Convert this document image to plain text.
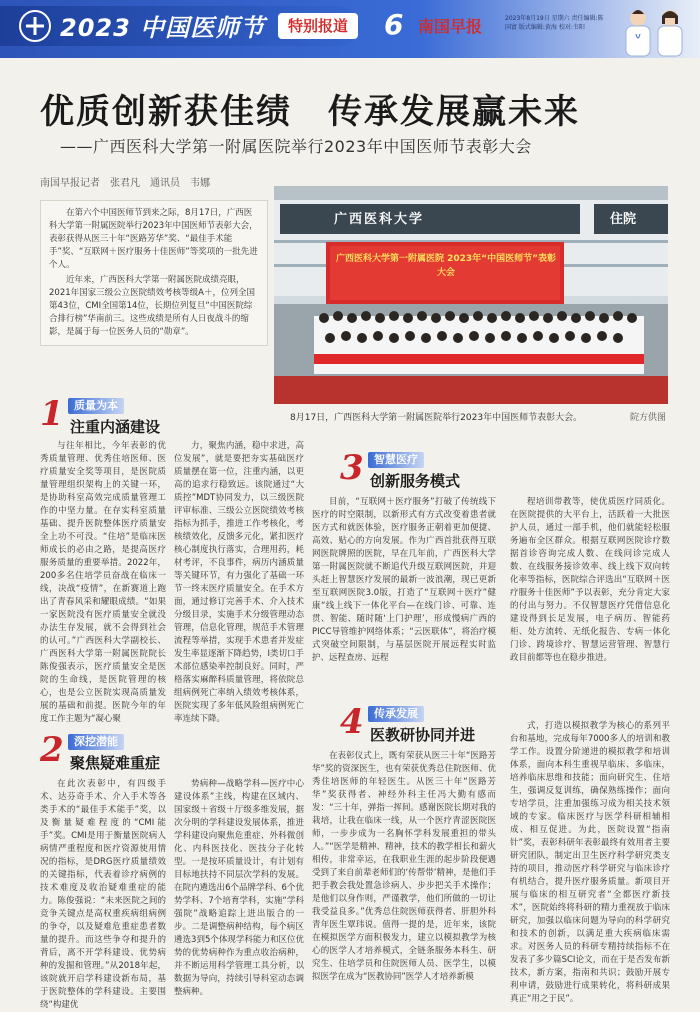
2023 中国医师节	特别报道	6 南国早报	2023年8月19日 星期六 责任编辑:陈国富 版式编辑:黄海 校对:韦阳
优质创新获佳绩　传承发展赢未来
——广西医科大学第一附属医院举行2023年中国医师节表彰大会
南国早报记者　张君凡　通讯员　韦娜

在第六个中国医师节到来之际，8月17日，广西医科大学第一附属医院举行2023年中国医师节表彰大会，表彰获得从医三十年“医路芳华”奖、“最佳手术能手”奖、“互联网＋医疗服务十佳医师”等奖项的一批先进个人。

近年来，广西医科大学第一附属医院成绩亮眼，2021年国家三级公立医院绩效考核等级A＋，位列全国第43位，CMI全国第14位，长期位列复旦“中国医院综合排行榜”华南前三。这些成绩是所有人日夜战斗的缩影，是属于每一位医务人员的“勋章”。

广西医科大学	住院
广西医科大学第一附属医院 2023年“中国医师节”表彰大会
8月17日，广西医科大学第一附属医院举行2023年中国医师节表彰大会。	院方供图
1 质量为本
注重内涵建设

与往年相比，今年表彰的优秀质量管理、优秀住培医师、医疗质量安全奖等项目，是医院质量管理组织架构上的关键一环，是协助科室高效完成质量管理工作的中坚力量。在存实科室质量基础、提升医院整体医疗质量安全上功不可没。“住培”是临床医师成长的必由之路，是提高医疗服务质量的重要举措。2022年，200多名住培学员奋战在临床一线，决战“疫情”，在新赛道上跑出了青春风采和耀眼成绩。“如果一家医院没有医疗质量安全就没办法生存发展，就不会得到社会的认可。”广西医科大学副校长、广西医科大学第一附属医院院长陈俊强表示，医疗质量安全是医院的生命线，是医院管理的核心，也是公立医院实现高质量发展的基础和前提。医院今年的年度工作主题为“凝心聚

力，聚焦内涵，稳中求进，高位发展”，就是要把夯实基础医疗质量摆在第一位，注重内涵，以更高的追求行稳致远。该院通过“大质控”MDT协同发力，以三级医院评审标准、三级公立医院绩效考核指标为抓手，推进工作考核化，考核绩效化，反馈多元化，紧扣医疗核心制度执行落实，合理用药，耗材考评，不良事件，病历内涵质量等关键环节，有力强化了基础一环节一终末医疗质量安全。在手术方面，通过修订完善手术、介入技术分级目录，实施手术分级管理动态管理，信息化管理，规范手术管理流程等举措，实现手术患者并发症发生率显逐渐下降趋势，I类切口手术部位感染率控制良好。同时，严格落实麻醉科质量管理，将依院总组病例死亡率纳入绩效考核体系，医院实现了多年低风险组病例死亡率连续下降。

3 智慧医疗
创新服务模式

目前，“互联网＋医疗服务”打破了传统线下医疗的时空限制，以新形式有方式改变着患者就医方式和就医体验，医疗服务正朝着更加便捷、高效、贴心的方向发展。作为广西首批获得互联网医院牌照的医院，早在几年前，广西医科大学第一附属医院就不断追代升级互联网医院，并迎头赶上智慧医疗发展的最新一波浪潮，现已更新至互联网医院3.0版，打造了“互联网＋医疗”健康“线上线下一体化平台—在线门诊、可靠、连贯、智能、随时随‘上门护理’，形成慢病广西的PICC导管维护网络体系；“云医联体”，将治疗模式突破空间限制，与基层医院开展远程实时监护、远程查房、远程

程培训带教等，使优质医疗同质化。在医院提供的大平台上，活跃着一大批医护人员，通过一部手机，他们就能轻松服务遍布全区群众。根据互联网医院诊疗数据首诊咨询完成人数、在线问诊完成人数、在线服务接诊效率、线上线下双向转化率等指标，医院综合评选出“互联网＋医疗服务十佳医师”予以表彰，充分肯定大家的付出与努力。不仅智慧医疗凭借信息化建设得到长足发展，电子病历、智能药柜、处方流转、无纸化报告、专病一体化门诊、跨境诊疗、智慧运营管理、智慧行政目前都等也在稳步推进。

4 传承发展
医教研协同并进

在表彰仪式上，既有荣获从医三十年“医路芳华”奖的资深医生，也有荣获优秀总住院医师、优秀住培医师的年轻医生。从医三十年“医路芳华”奖获得者、神经外科主任冯大勤有感而发：“三十年，弹指一挥间。感谢医院长期对我的栽培，让我在临床一线，从一个医疗青涩医院医师，一步步成为一名胸怀学科发展重担的带头人。”“医学是精神、精神，技术的教学相长和薪火相传，非常幸运，在我职业生涯的起步阶段便遇受到了来自前辈老师们的‘传帮带’精神，是他们手把手教会我处置急诊病人、步步把关手术操作；是他们以身作则，严谨教学，他们所做的一切让我受益良多。”优秀总住院医师获得者、肝胆外科青年医生覃玮说。值得一提的是，近年来，该院在模拟医学方面积极发力，建立以模拟教学为核心的医学人才培养模式，全链条服务本科生、研究生、住培学员和住院医师人员、医学生，以模拟医学在成为“医教协同”医学人才培养新模

式，打造以模拟教学为核心的系列平台和基地，完成每年7000多人的培训和教学工作。设置分阶递进的模拟教学和培训体系，面向本科生重视早临床、多临床，培养临床思维和技能；面向研究生、住培生，强调反复训练，确保熟练操作；面向专培学员，注重加强练习成为相关技术领域的专家。临床医疗与医学科研相辅相成、相互促进。为此，医院设置“指南针”奖，表彰科研年表彰最终有效用者主要研究团队，制定出卫生医疗科学研究类支持的项目，推动医疗科学研究与临床诊疗有机结合，提升医疗服务质量。新项目开展与临床的相互研究者“全都医疗新技术”，医院始终将科研的精力重视放于临床研究，加强以临床问题为导向的科学研究和技术的创新，以满足重大疾病临床需求。对医务人员的科研专精持续指标不在发表了多少篇SCI论文，而在于是否发布新技术，新方案，指南和共识；鼓励开展专利申请，鼓励进行成果转化，将科研成果真正“用之于民”。

2 深挖潜能
聚焦疑难重症

在此次表彰中，有四级手术、达芬奇手术、介入手术等各类手术的“最佳手术能手”奖，以及衡量疑难程度的“CMI能手”奖。CMI是用于衡量医院病人病情严重程度和医疗资源使用情况的指标，是DRG医疗质量绩效的关键指标，代表着诊疗病例的技术难度及收治疑难重症的能力。陈俊强说：“未来医院之间的竞争关键点是高权重疾病组病例的争夺，以及疑难危重症患者数量的提升。而这些争夺和提升的背后，离不开学科建设、优势病种的发掘和管理。”从2018年起，该院就开启学科建设新布局，基于医院整体的学科建设。主要围绕“构建优

势病种—战略学科—医疗中心建设体系”主线，构建在区域内、国家级＋省级＋厅级多维发展，据次分明的学科建设发展体系，推进学科建设向聚焦危重症、外科微创化、内科医技化、医技分子化转型。一是按环质量设计，有计划有目标地扶持不同层次学科的发展。在院内遴选出6个品牌学科、6个优势学科、7个培育学科，实施“学科强院”战略追踪上进出版合的一步。二是调整病种结构，每个病区遴选3到5个体现学科能力和区位优势的优势病种作为重点收治病种，并不断运用科学管理工具分析，以数据为导向，持续引导科室动态调整病种。
